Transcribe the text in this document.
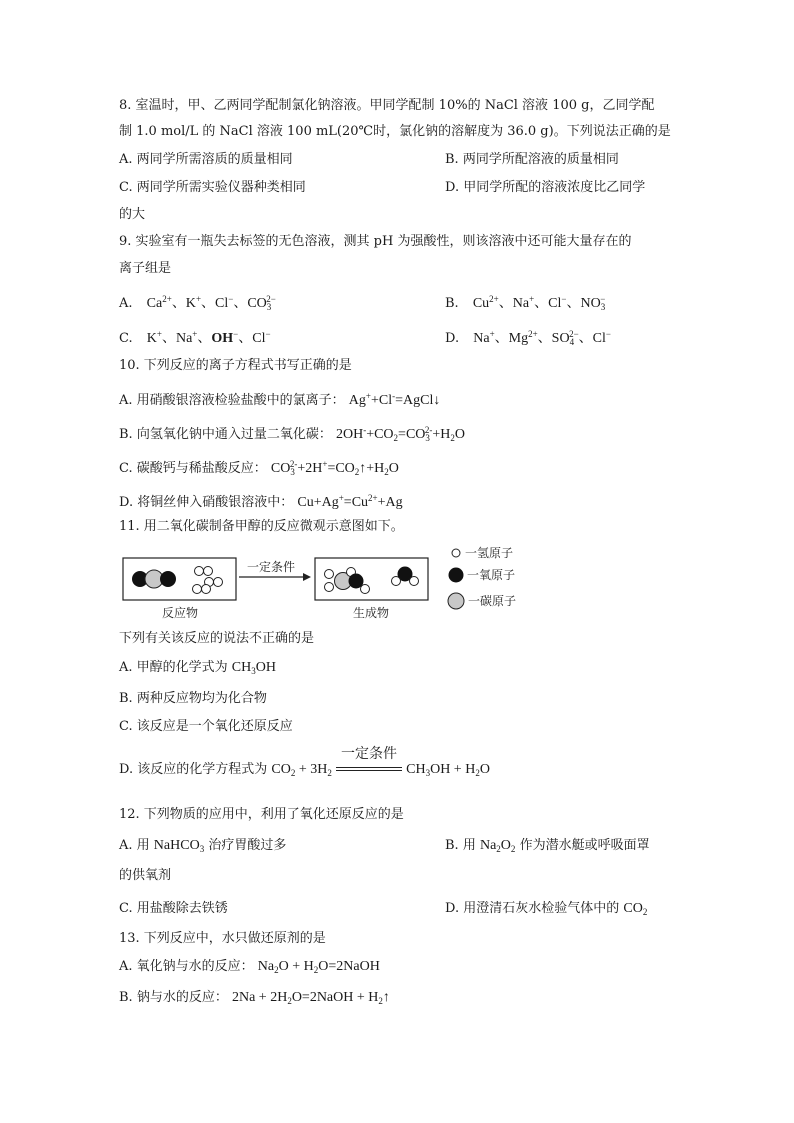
8. 室温时，甲、乙两同学配制氯化钠溶液。甲同学配制 10%的 NaCl 溶液 100 g，乙同学配
制 1.0 mol/L 的 NaCl 溶液 100 mL(20℃时，氯化钠的溶解度为 36.0 g)。下列说法正确的是
A. 两同学所需溶质的质量相同	B. 两同学所配溶液的质量相同
C. 两同学所需实验仪器种类相同	D. 甲同学所配的溶液浓度比乙同学
的大
9. 实验室有一瓶失去标签的无色溶液，测其 pH 为强酸性，则该溶液中还可能大量存在的
离子组是
A. $Ca^{2+}$、K+、Cl−、$CO_3^{2-}$	B. $Cu^{2+}$、Na+、Cl−、$NO_3^-$
C. K+、Na+、OH−、Cl−	D. Na+、$Mg^{2+}$、$SO_4^{2-}$、Cl−
10. 下列反应的离子方程式书写正确的是
A. 用硝酸银溶液检验盐酸中的氯离子： Ag++Cl-=AgCl↓
B. 向氢氧化钠中通入过量二氧化碳： $2OH^-+CO_2=CO_3^{2-}+H_2O$
C. 碳酸钙与稀盐酸反应： $CO_3^{2-}+2H^+=CO_2↑+H_2O$
D. 将铜丝伸入硝酸银溶液中： $Cu+Ag^+=Cu^{2+}+Ag$
11. 用二氧化碳制备甲醇的反应微观示意图如下。
反应物
一定条件
生成物
一氢原子
一氧原子
一碳原子
下列有关该反应的说法不正确的是
A. 甲醇的化学式为 $CH_3OH$
B. 两种反应物均为化合物
C. 该反应是一个氧化还原反应
D. 该反应的化学方程式为 $CO_2 + 3H_2$
一定条件
$CH_3OH + H_2O$
12. 下列物质的应用中，利用了氧化还原反应的是
A. 用 NaHCO$_3$ 治疗胃酸过多	B. 用 $Na_2O_2$ 作为潜水艇或呼吸面罩
的供氧剂
C. 用盐酸除去铁锈	D. 用澄清石灰水检验气体中的 $CO_2$
13. 下列反应中，水只做还原剂的是
A. 氧化钠与水的反应： $Na_2O$ + $H_2O=2NaOH$
B. 钠与水的反应： $2Na + 2H_2O=2NaOH$ + $H_2↑$
